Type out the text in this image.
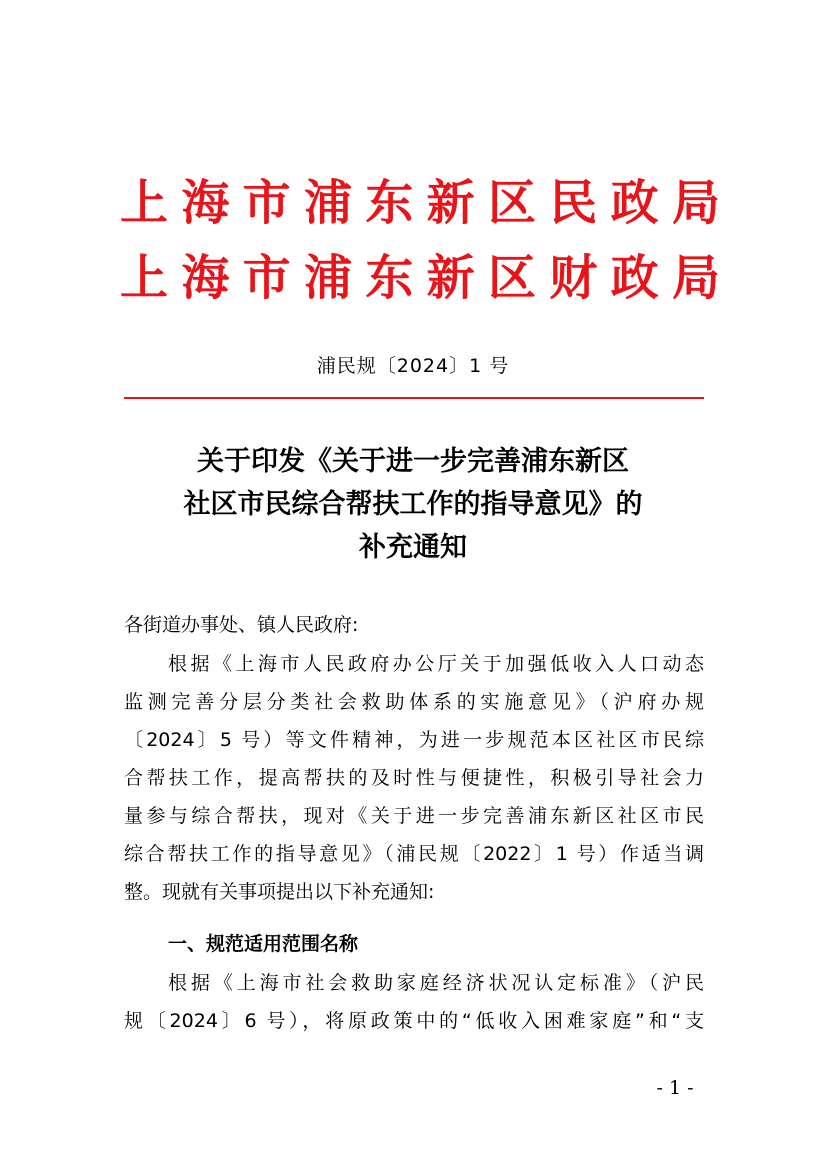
上 海 市 浦 东 新 区 民 政 局
上 海 市 浦 东 新 区 财 政 局
浦民规〔2024〕1 号
关于印发《关于进一步完善浦东新区
社区市民综合帮扶工作的指导意见》的
补充通知
各街道办事处、镇人民政府:
根据《上海市人民政府办公厅关于加强低收入人口动态
监测完善分层分类社会救助体系的实施意见》（沪府办规
〔2024〕5 号）等文件精神，为进一步规范本区社区市民综
合帮扶工作，提高帮扶的及时性与便捷性，积极引导社会力
量参与综合帮扶，现对《关于进一步完善浦东新区社区市民
综合帮扶工作的指导意见》（浦民规〔2022〕1 号）作适当调
整。现就有关事项提出以下补充通知:
一、规范适用范围名称
根据《上海市社会救助家庭经济状况认定标准》（沪民
规〔2024〕6 号），将原政策中的“低收入困难家庭”和“支
- 1 -
